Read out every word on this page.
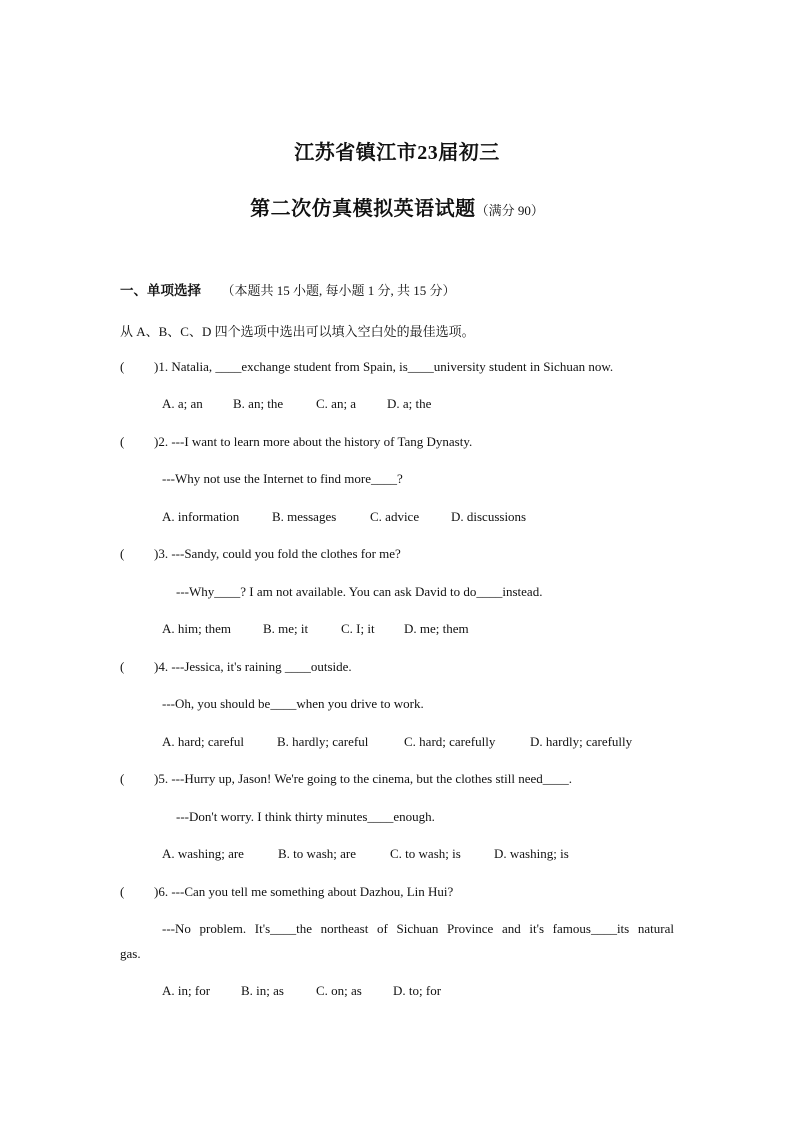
江苏省镇江市23届初三
第二次仿真模拟英语试题（满分 90）
一、单项选择 （本题共 15 小题, 每小题 1 分, 共 15 分）
从 A、B、C、D 四个选项中选出可以填入空白处的最佳选项。
( )1. Natalia, ____exchange student from Spain, is____university student in Sichuan now.
A. a; an B. an; the	C. an; a D. a; the
( )2. ---I want to learn more about the history of Tang Dynasty.
---Why not use the Internet to find more____?
A. information	B. messages	C. advice D. discussions
( )3. ---Sandy, could you fold the clothes for me?
---Why____? I am not available. You can ask David to do____instead.
A. him; them B. me; it	C. I; it D. me; them
( )4. ---Jessica, it's raining ____outside.
---Oh, you should be____when you drive to work.
A. hard; careful	B. hardly; careful	C. hard; carefully	D. hardly; carefully
( )5. ---Hurry up, Jason! We're going to the cinema, but the clothes still need____.
---Don't worry. I think thirty minutes____enough.
A. washing; are	B. to wash; are	C. to wash; is	D. washing; is
( )6. ---Can you tell me something about Dazhou, Lin Hui?
---No problem. It's____the northeast of Sichuan Province and it's famous____its natural
gas.
A. in; for B. in; as C. on; as D. to; for
